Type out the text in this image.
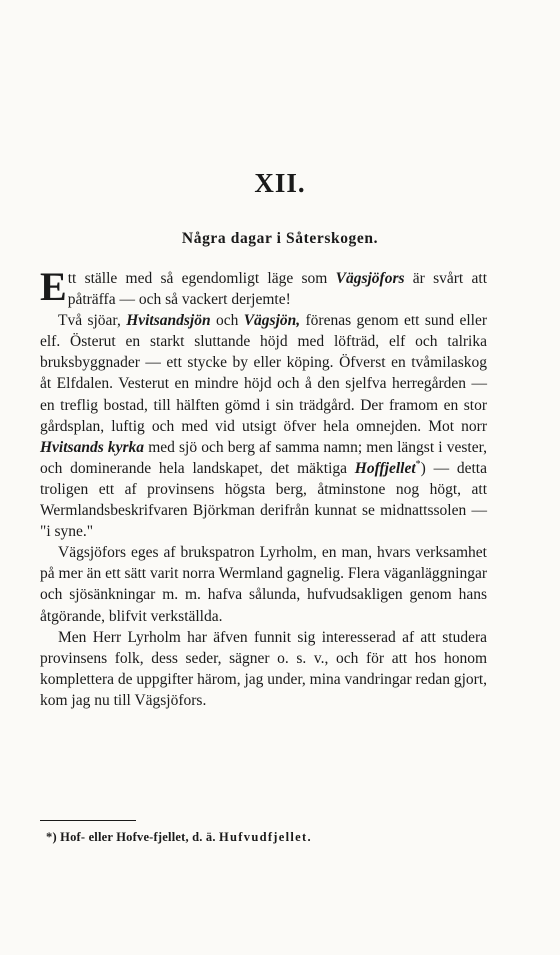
XII.
Några dagar i Såterskogen.

Ett ställe med så egendomligt läge som Vägsjöfors är svårt att påträffa — och så vackert derjemte!

Två sjöar, Hvitsandsjön och Vägsjön, förenas genom ett sund eller elf. Österut en starkt sluttande höjd med löfträd, elf och talrika bruksbyggnader — ett stycke by eller köping. Öfverst en tvåmilaskog åt Elfdalen. Vesterut en mindre höjd och å den sjelfva herregården — en treflig bostad, till hälften gömd i sin trädgård. Der framom en stor gårdsplan, luftig och med vid utsigt öfver hela omnejden. Mot norr Hvitsands kyrka med sjö och berg af samma namn; men längst i vester, och dominerande hela landskapet, det mäktiga Hoffjellet*) — detta troligen ett af provinsens högsta berg, åtminstone nog högt, att Wermlandsbeskrifvaren Björkman derifrån kunnat se midnattssolen — "i syne."

Vägsjöfors eges af brukspatron Lyrholm, en man, hvars verksamhet på mer än ett sätt varit norra Wermland gagnelig. Flera väganläggningar och sjösänkningar m. m. hafva sålunda, hufvudsakligen genom hans åtgörande, blifvit verkställda.

Men Herr Lyrholm har äfven funnit sig interesserad af att studera provinsens folk, dess seder, sägner o. s. v., och för att hos honom komplettera de uppgifter härom, jag under, mina vandringar redan gjort, kom jag nu till Vägsjöfors.

*) Hof- eller Hofve-fjellet, d. ä. Hufvudfjellet.
